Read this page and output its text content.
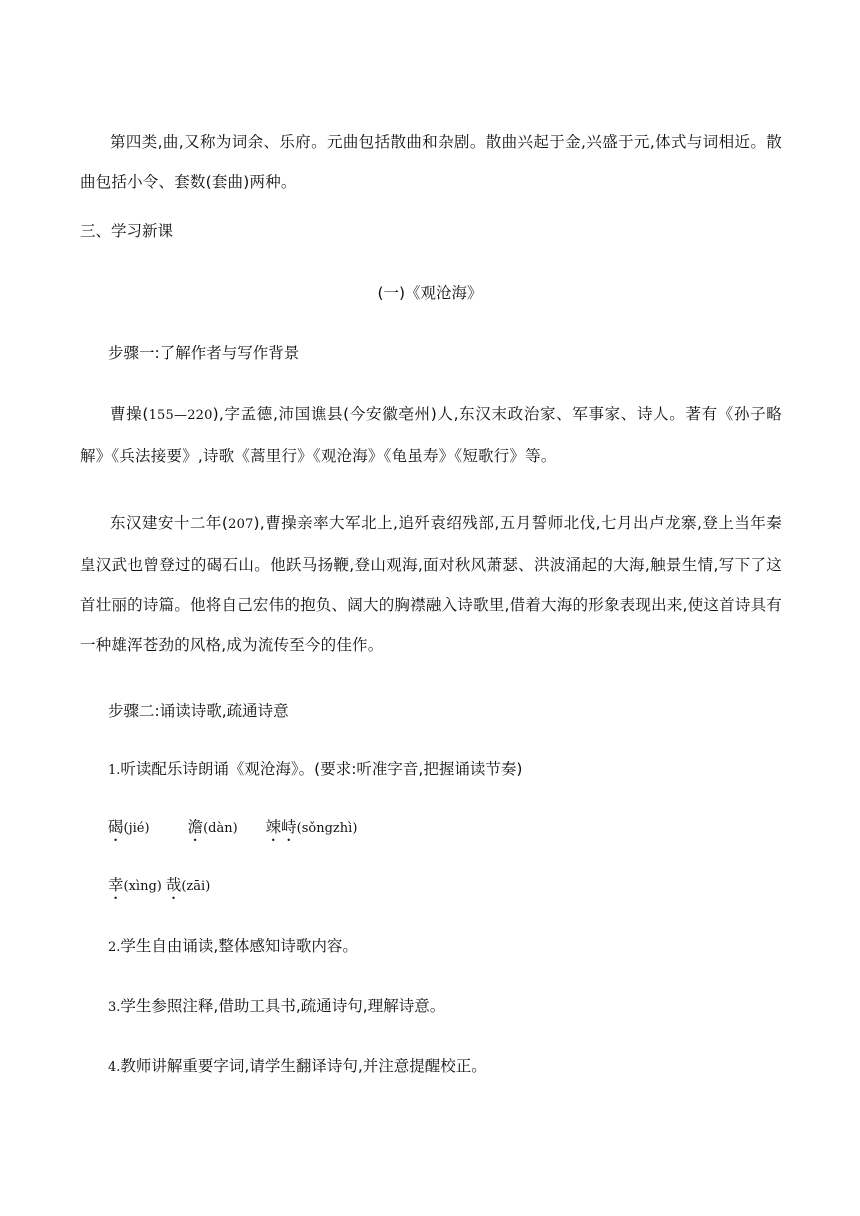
第四类,曲,又称为词余、乐府。元曲包括散曲和杂剧。散曲兴起于金,兴盛于元,体式与词相近。散曲包括小令、套数(套曲)两种。
三、学习新课
(一)《观沧海》
步骤一:了解作者与写作背景
曹操(155—220),字孟德,沛国谯县(今安徽亳州)人,东汉末政治家、军事家、诗人。著有《孙子略解》《兵法接要》,诗歌《蒿里行》《观沧海》《龟虽寿》《短歌行》等。
东汉建安十二年(207),曹操亲率大军北上,追歼袁绍残部,五月誓师北伐,七月出卢龙寨,登上当年秦皇汉武也曾登过的碣石山。他跃马扬鞭,登山观海,面对秋风萧瑟、洪波涌起的大海,触景生情,写下了这首壮丽的诗篇。他将自己宏伟的抱负、阔大的胸襟融入诗歌里,借着大海的形象表现出来,使这首诗具有一种雄浑苍劲的风格,成为流传至今的佳作。
步骤二:诵读诗歌,疏通诗意
1.听读配乐诗朗诵《观沧海》。(要求:听准字音,把握诵读节奏)
碣(jié) 澹(dàn) 竦峙(sǒngzhì)
幸(xìng) 哉(zāi)
2.学生自由诵读,整体感知诗歌内容。
3.学生参照注释,借助工具书,疏通诗句,理解诗意。
4.教师讲解重要字词,请学生翻译诗句,并注意提醒校正。
